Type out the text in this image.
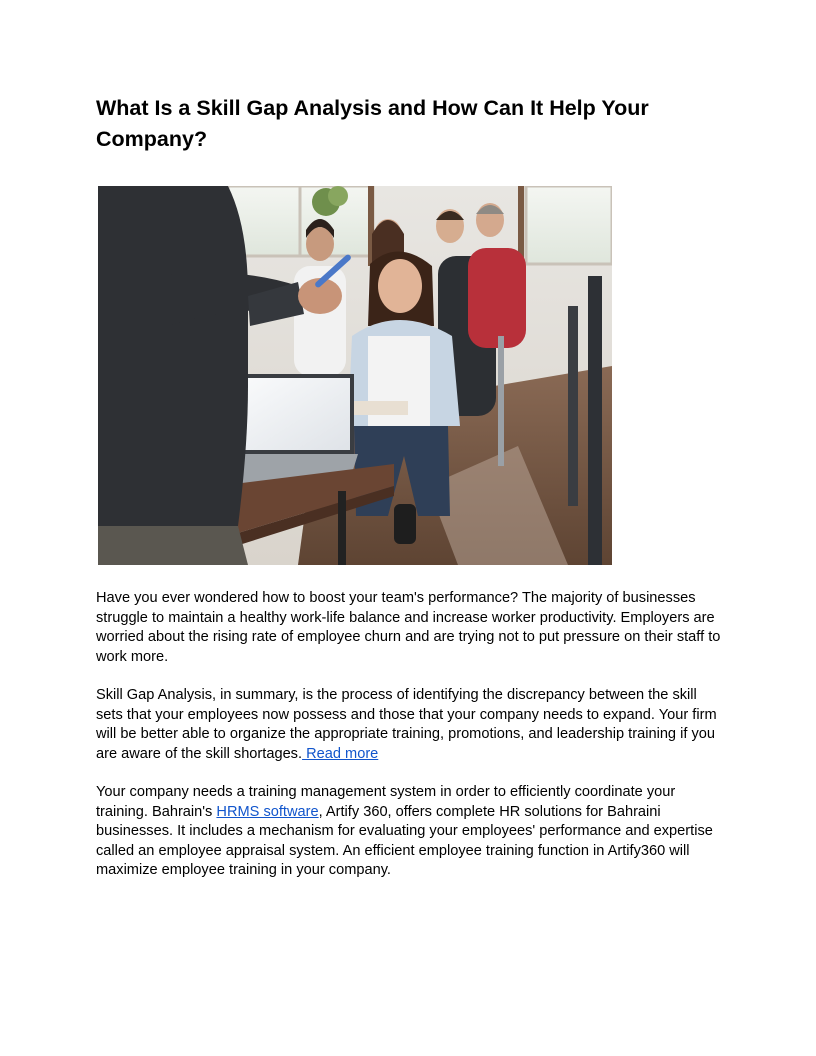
What Is a Skill Gap Analysis and How Can It Help Your Company?

Have you ever wondered how to boost your team's performance? The majority of businesses struggle to maintain a healthy work-life balance and increase worker productivity. Employers are worried about the rising rate of employee churn and are trying not to put pressure on their staff to work more.

Skill Gap Analysis, in summary, is the process of identifying the discrepancy between the skill sets that your employees now possess and those that your company needs to expand. Your firm will be better able to organize the appropriate training, promotions, and leadership training if you are aware of the skill shortages. Read more

Your company needs a training management system in order to efficiently coordinate your training. Bahrain's HRMS software, Artify 360, offers complete HR solutions for Bahraini businesses. It includes a mechanism for evaluating your employees' performance and expertise called an employee appraisal system. An efficient employee training function in Artify360 will maximize employee training in your company.
